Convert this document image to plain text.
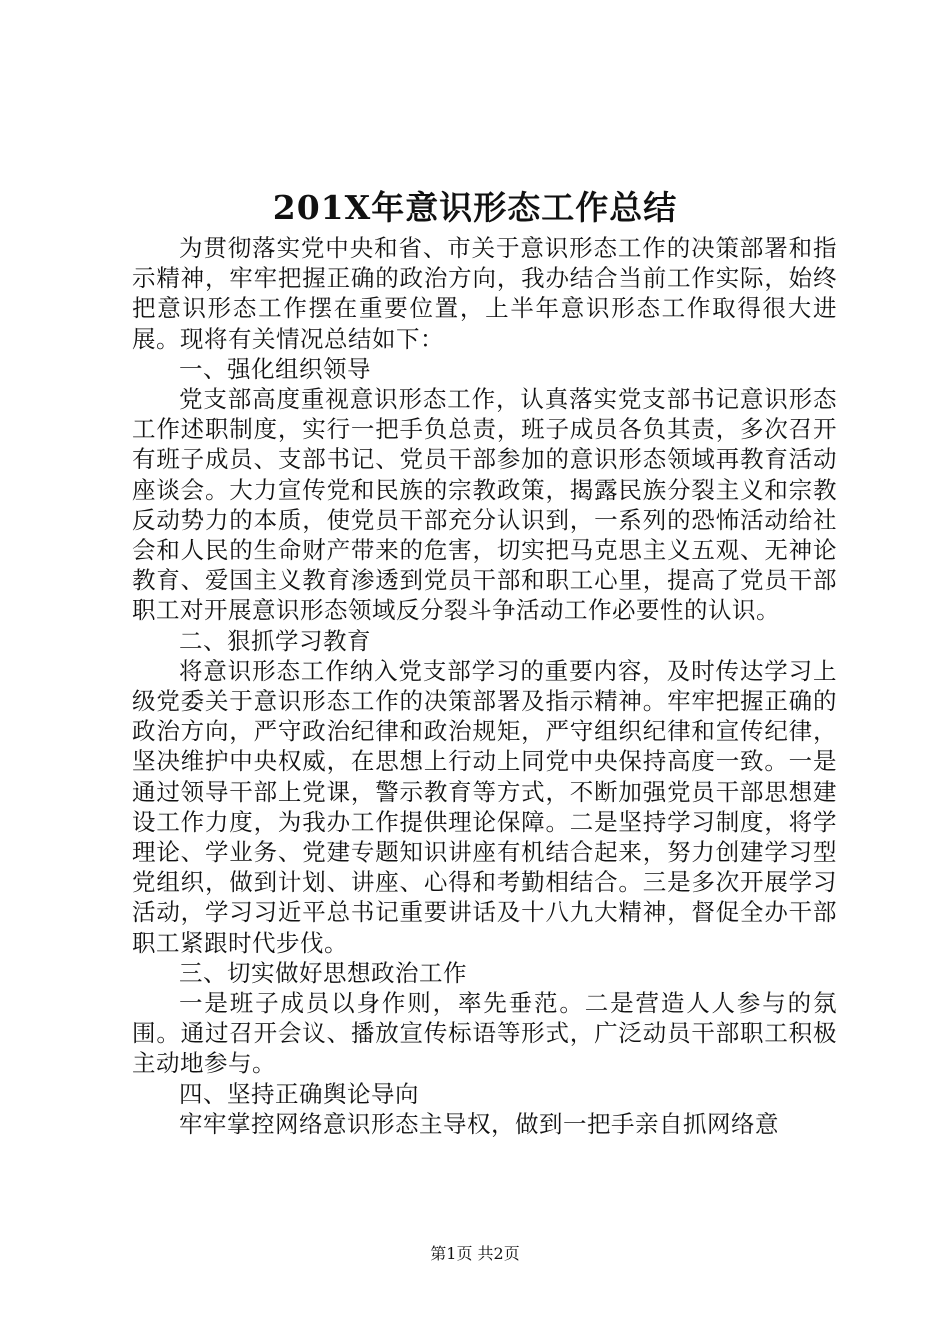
201X年意识形态工作总结

为贯彻落实党中央和省、市关于意识形态工作的决策部署和指示精神，牢牢把握正确的政治方向，我办结合当前工作实际，始终把意识形态工作摆在重要位置，上半年意识形态工作取得很大进展。现将有关情况总结如下：

一、强化组织领导

党支部高度重视意识形态工作，认真落实党支部书记意识形态工作述职制度，实行一把手负总责，班子成员各负其责，多次召开有班子成员、支部书记、党员干部参加的意识形态领域再教育活动座谈会。大力宣传党和民族的宗教政策，揭露民族分裂主义和宗教反动势力的本质，使党员干部充分认识到，一系列的恐怖活动给社会和人民的生命财产带来的危害，切实把马克思主义五观、无神论教育、爱国主义教育渗透到党员干部和职工心里，提高了党员干部职工对开展意识形态领域反分裂斗争活动工作必要性的认识。

二、狠抓学习教育

将意识形态工作纳入党支部学习的重要内容，及时传达学习上级党委关于意识形态工作的决策部署及指示精神。牢牢把握正确的政治方向，严守政治纪律和政治规矩，严守组织纪律和宣传纪律，坚决维护中央权威，在思想上行动上同党中央保持高度一致。一是通过领导干部上党课，警示教育等方式，不断加强党员干部思想建设工作力度，为我办工作提供理论保障。二是坚持学习制度，将学理论、学业务、党建专题知识讲座有机结合起来，努力创建学习型党组织，做到计划、讲座、心得和考勤相结合。三是多次开展学习活动，学习习近平总书记重要讲话及十八九大精神，督促全办干部职工紧跟时代步伐。

三、切实做好思想政治工作

一是班子成员以身作则，率先垂范。二是营造人人参与的氛围。通过召开会议、播放宣传标语等形式，广泛动员干部职工积极主动地参与。

四、坚持正确舆论导向

牢牢掌控网络意识形态主导权，做到一把手亲自抓网络意

第1页 共2页
